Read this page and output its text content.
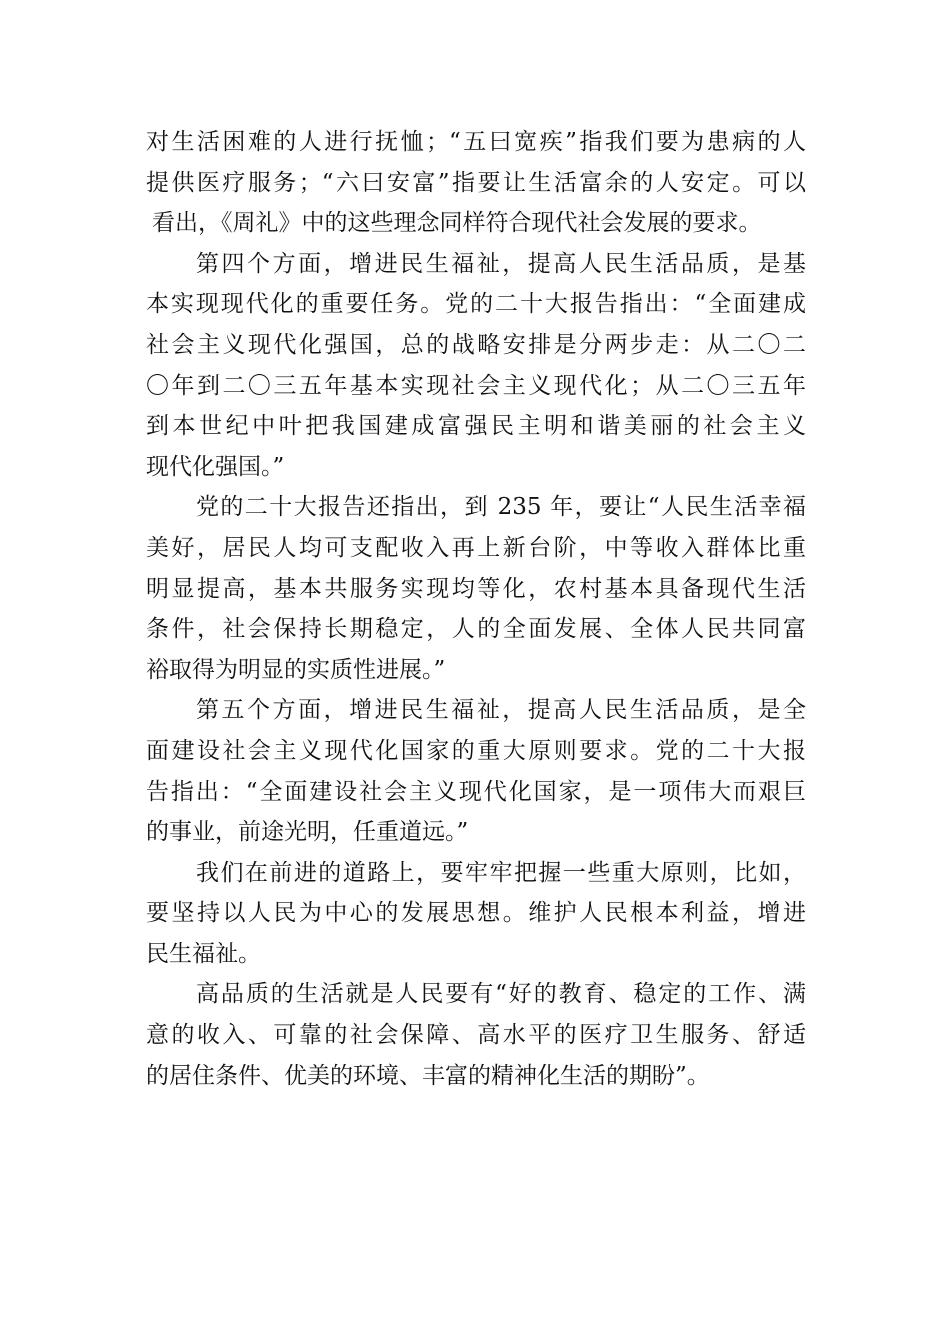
对生活困难的人进行抚恤；“五曰宽疾”指我们要为患病的人
提供医疗服务；“六曰安富”指要让生活富余的人安定。可以
看出，《周礼》中的这些理念同样符合现代社会发展的要求。
第四个方面，增进民生福祉，提高人民生活品质，是基
本实现现代化的重要任务。党的二十大报告指出：“全面建成
社会主义现代化强国，总的战略安排是分两步走：从二〇二
〇年到二〇三五年基本实现社会主义现代化；从二〇三五年
到本世纪中叶把我国建成富强民主明和谐美丽的社会主义
现代化强国。”
党的二十大报告还指出，到 235 年，要让“人民生活幸福
美好，居民人均可支配收入再上新台阶，中等收入群体比重
明显提高，基本共服务实现均等化，农村基本具备现代生活
条件，社会保持长期稳定，人的全面发展、全体人民共同富
裕取得为明显的实质性进展。”
第五个方面，增进民生福祉，提高人民生活品质，是全
面建设社会主义现代化国家的重大原则要求。党的二十大报
告指出：“全面建设社会主义现代化国家，是一项伟大而艰巨
的事业，前途光明，任重道远。”
我们在前进的道路上，要牢牢把握一些重大原则，比如，
要坚持以人民为中心的发展思想。维护人民根本利益，增进
民生福祉。
高品质的生活就是人民要有“好的教育、稳定的工作、满
意的收入、可靠的社会保障、高水平的医疗卫生服务、舒适
的居住条件、优美的环境、丰富的精神化生活的期盼”。
